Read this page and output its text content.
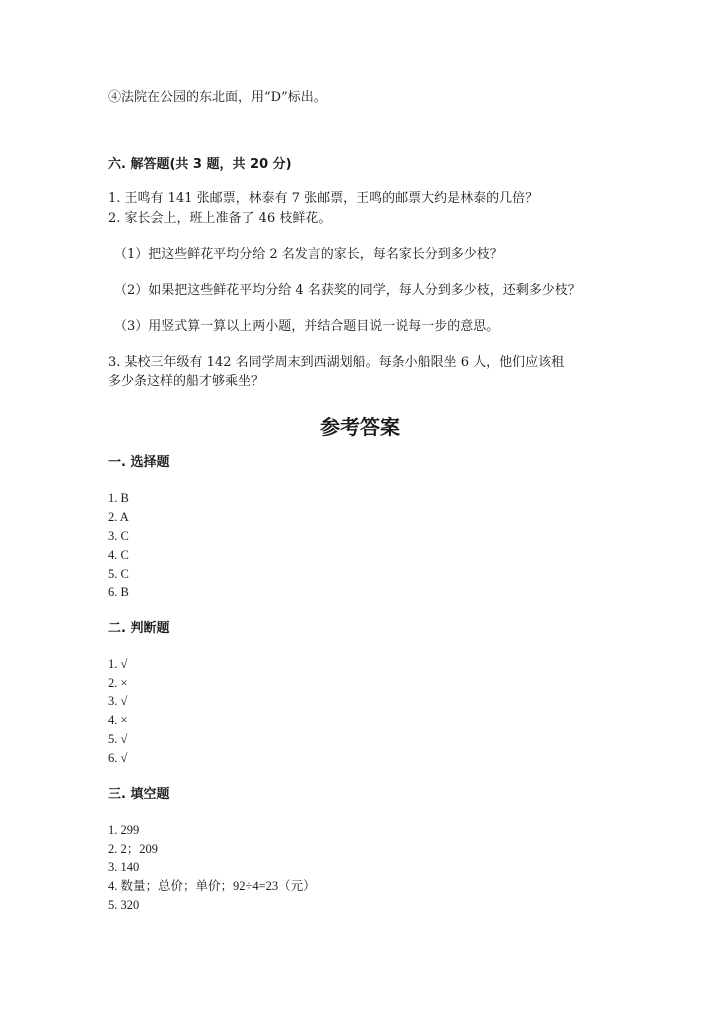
④法院在公园的东北面，用“D”标出。
六. 解答题(共 3 题，共 20 分)
1. 王鸣有 141 张邮票，林泰有 7 张邮票，王鸣的邮票大约是林泰的几倍？
2. 家长会上，班上准备了 46 枝鲜花。
（1）把这些鲜花平均分给 2 名发言的家长，每名家长分到多少枝？
（2）如果把这些鲜花平均分给 4 名获奖的同学，每人分到多少枝，还剩多少枝？
（3）用竖式算一算以上两小题，并结合题目说一说每一步的意思。
3. 某校三年级有 142 名同学周末到西湖划船。每条小船限坐 6 人，他们应该租
多少条这样的船才够乘坐？
参考答案
一. 选择题
1. B
2. A
3. C
4. C
5. C
6. B
二. 判断题
1. √
2. ×
3. √
4. ×
5. √
6. √
三. 填空题
1. 299
2. 2；209
3. 140
4. 数量；总价；单价；92÷4=23（元）
5. 320
